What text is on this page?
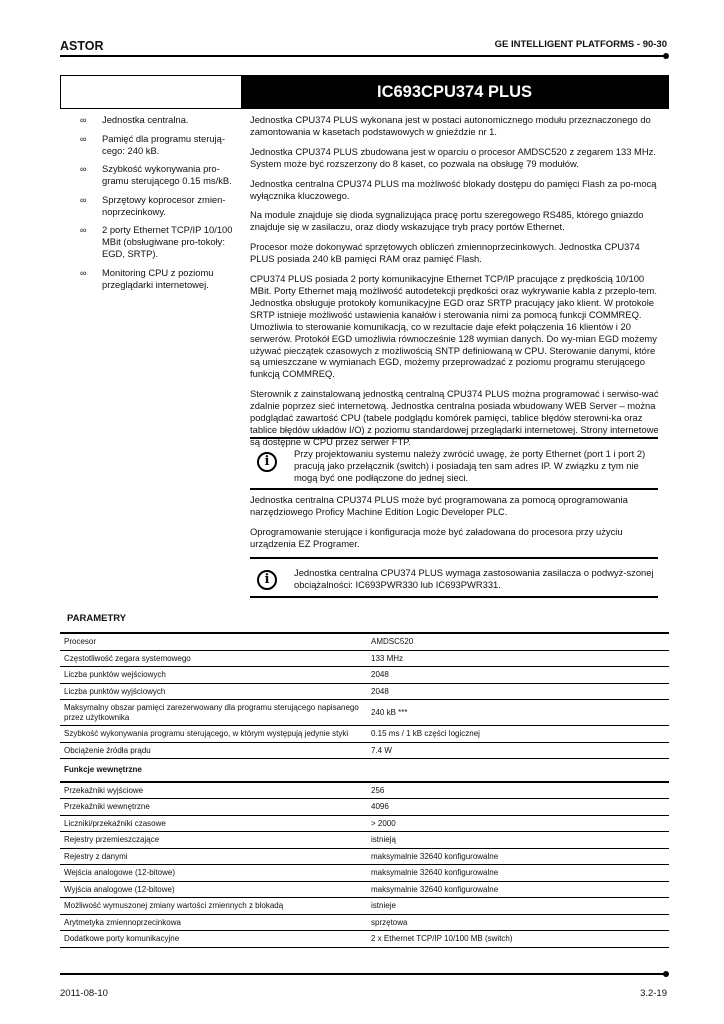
ASTOR	GE INTELLIGENT PLATFORMS - 90-30
IC693CPU374 PLUS
∞ Jednostka centralna.
∞ Pamięć dla programu sterują-cego: 240 kB.
∞ Szybkość wykonywania pro-gramu sterującego 0.15 ms/kB.
∞ Sprzętowy koprocesor zmien-noprzecinkowy.
∞ 2 porty Ethernet TCP/IP 10/100 MBit (obsługiwane pro-tokoły: EGD, SRTP).
∞ Monitoring CPU z poziomu przeglądarki internetowej.

Jednostka CPU374 PLUS wykonana jest w postaci autonomicznego modułu przeznaczonego do zamontowania w kasetach podstawowych w gnieździe nr 1.

Jednostka CPU374 PLUS zbudowana jest w oparciu o procesor AMDSC520 z zegarem 133 MHz. System może być rozszerzony do 8 kaset, co pozwala na obsługę 79 modułów.

Jednostka centralna CPU374 PLUS ma możliwość blokady dostępu do pamięci Flash za po-mocą wyłącznika kluczowego.

Na module znajduje się dioda sygnalizująca pracę portu szeregowego RS485, którego gniazdo znajduje się w zasilaczu, oraz diody wskazujące tryb pracy portów Ethernet.

Procesor może dokonywać sprzętowych obliczeń zmiennoprzecinkowych. Jednostka CPU374 PLUS posiada 240 kB pamięci RAM oraz pamięć Flash.

CPU374 PLUS posiada 2 porty komunikacyjne Ethernet TCP/IP pracujące z prędkością 10/100 MBit. Porty Ethernet mają możliwość autodetekcji prędkości oraz wykrywanie kabla z przeplo-tem. Jednostka obsługuje protokoły komunikacyjne EGD oraz SRTP pracujący jako klient. W protokole SRTP istnieje możliwość ustawienia kanałów i sterowania nimi za pomocą funkcji COMMREQ. Umożliwia to sterowanie komunikacją, co w rezultacie daje efekt połączenia 16 klientów i 20 serwerów. Protokół EGD umożliwia równocześnie 128 wymian danych. Do wy-mian EGD możemy używać pieczątek czasowych z możliwością SNTP definiowaną w CPU. Sterowanie danymi, które są umieszczane w wymianach EGD, możemy przeprowadzać z poziomu programu sterującego funkcją COMMREQ.

Sterownik z zainstalowaną jednostką centralną CPU374 PLUS można programować i serwiso-wać zdalnie poprzez sieć internetową. Jednostka centralna posiada wbudowany WEB Server – można podglądać zawartość CPU (tabele podglądu komórek pamięci, tablice błędów sterowni-ka oraz tablice błędów układów I/O) z poziomu standardowej przeglądarki internetowej. Strony internetowe są dostępne w CPU przez serwer FTP.

i
Przy projektowaniu systemu należy zwrócić uwagę, że porty Ethernet (port 1 i port 2) pracują jako przełącznik (switch) i posiadają ten sam adres IP. W związku z tym nie mogą być one podłączone do jednej sieci.

Jednostka centralna CPU374 PLUS może być programowana za pomocą oprogramowania narzędziowego Proficy Machine Edition Logic Developer PLC.

Oprogramowanie sterujące i konfiguracja może być załadowana do procesora przy użyciu urządzenia EZ Programer.

i	Jednostka centralna CPU374 PLUS wymaga zastosowania zasilacza o podwyż-szonej obciążalności: IC693PWR330 lub IC693PWR331.
PARAMETRY
Procesor	AMDSC520
Częstotliwość zegara systemowego	133 MHz
Liczba punktów wejściowych	2048
Liczba punktów wyjściowych	2048
Maksymalny obszar pamięci zarezerwowany dla programu sterującego napisanego przez użytkownika	240 kB ***
Szybkość wykonywania programu sterującego, w którym występują jedynie styki	0.15 ms / 1 kB części logicznej
Obciążenie źródła prądu	7.4 W
Funkcje wewnętrzne	
Przekaźniki wyjściowe	256
Przekaźniki wewnętrzne	4096
Liczniki/przekaźniki czasowe	> 2000
Rejestry przemieszczające	istnieją
Rejestry z danymi	maksymalnie 32640 konfigurowalne
Wejścia analogowe (12-bitowe)	maksymalnie 32640 konfigurowalne
Wyjścia analogowe (12-bitowe)	maksymalnie 32640 konfigurowalne
Możliwość wymuszonej zmiany wartości zmiennych z blokadą	istnieje
Arytmetyka zmiennoprzecinkowa	sprzętowa
Dodatkowe porty komunikacyjne	2 x Ethernet TCP/IP 10/100 MB (switch)
2011-08-10	3.2-19
